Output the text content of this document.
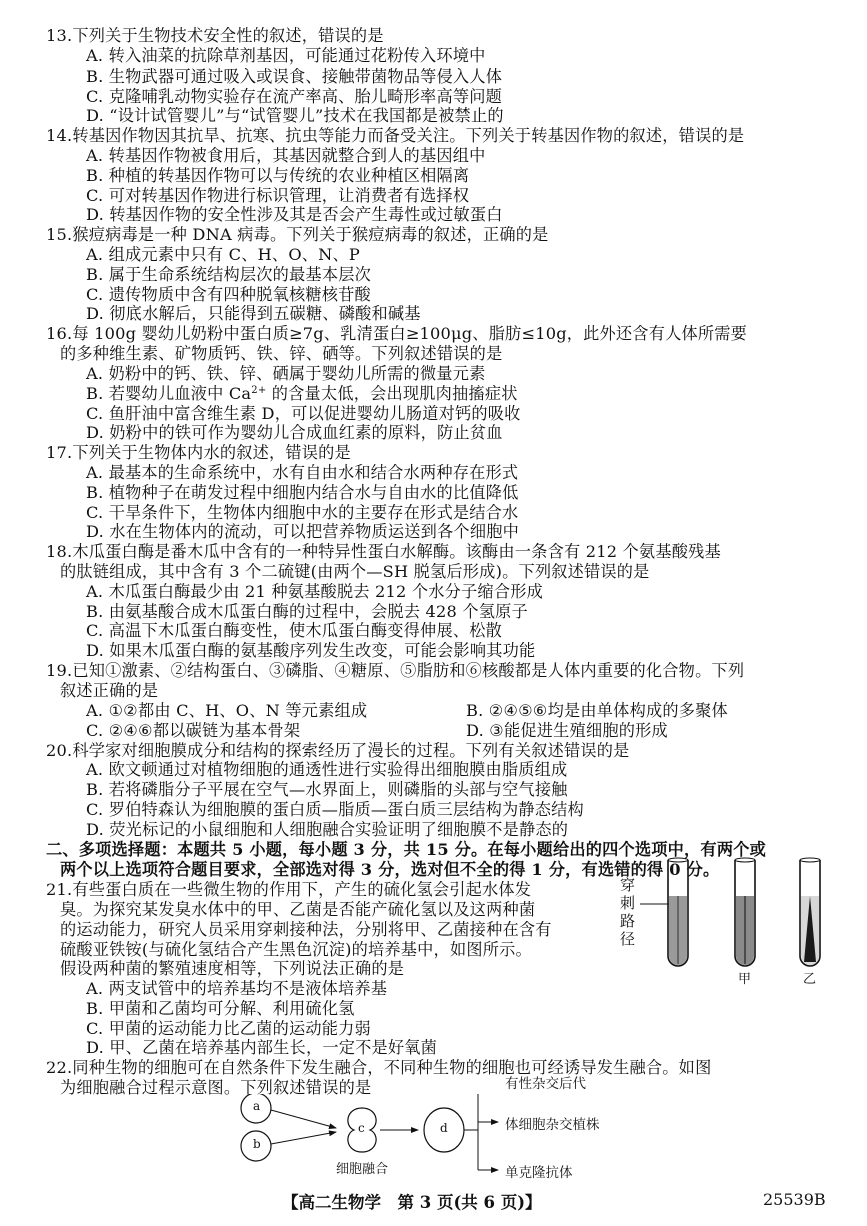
13.下列关于生物技术安全性的叙述，错误的是
A. 转入油菜的抗除草剂基因，可能通过花粉传入环境中
B. 生物武器可通过吸入或误食、接触带菌物品等侵入人体
C. 克隆哺乳动物实验存在流产率高、胎儿畸形率高等问题
D. “设计试管婴儿”与“试管婴儿”技术在我国都是被禁止的
14.转基因作物因其抗旱、抗寒、抗虫等能力而备受关注。下列关于转基因作物的叙述，错误的是
A. 转基因作物被食用后，其基因就整合到人的基因组中
B. 种植的转基因作物可以与传统的农业种植区相隔离
C. 可对转基因作物进行标识管理，让消费者有选择权
D. 转基因作物的安全性涉及其是否会产生毒性或过敏蛋白
15.猴痘病毒是一种 DNA 病毒。下列关于猴痘病毒的叙述，正确的是
A. 组成元素中只有 C、H、O、N、P
B. 属于生命系统结构层次的最基本层次
C. 遗传物质中含有四种脱氧核糖核苷酸
D. 彻底水解后，只能得到五碳糖、磷酸和碱基
16.每 100g 婴幼儿奶粉中蛋白质≥7g、乳清蛋白≥100μg、脂肪≤10g，此外还含有人体所需要
的多种维生素、矿物质钙、铁、锌、硒等。下列叙述错误的是
A. 奶粉中的钙、铁、锌、硒属于婴幼儿所需的微量元素
B. 若婴幼儿血液中 $Ca^{2+}$ 的含量太低，会出现肌肉抽搐症状
C. 鱼肝油中富含维生素 D，可以促进婴幼儿肠道对钙的吸收
D. 奶粉中的铁可作为婴幼儿合成血红素的原料，防止贫血
17.下列关于生物体内水的叙述，错误的是
A. 最基本的生命系统中，水有自由水和结合水两种存在形式
B. 植物种子在萌发过程中细胞内结合水与自由水的比值降低
C. 干旱条件下，生物体内细胞中水的主要存在形式是结合水
D. 水在生物体内的流动，可以把营养物质运送到各个细胞中
18.木瓜蛋白酶是番木瓜中含有的一种特异性蛋白水解酶。该酶由一条含有 212 个氨基酸残基
的肽链组成，其中含有 3 个二硫键(由两个—SH 脱氢后形成)。下列叙述错误的是
A. 木瓜蛋白酶最少由 21 种氨基酸脱去 212 个水分子缩合形成
B. 由氨基酸合成木瓜蛋白酶的过程中，会脱去 428 个氢原子
C. 高温下木瓜蛋白酶变性，使木瓜蛋白酶变得伸展、松散
D. 如果木瓜蛋白酶的氨基酸序列发生改变，可能会影响其功能
19.已知①激素、②结构蛋白、③磷脂、④糖原、⑤脂肪和⑥核酸都是人体内重要的化合物。下列
叙述正确的是
A. ①②都由 C、H、O、N 等元素组成	B. ②④⑤⑥均是由单体构成的多聚体
C. ②④⑥都以碳链为基本骨架	D. ③能促进生殖细胞的形成
20.科学家对细胞膜成分和结构的探索经历了漫长的过程。下列有关叙述错误的是
A. 欧文顿通过对植物细胞的通透性进行实验得出细胞膜由脂质组成
B. 若将磷脂分子平展在空气—水界面上，则磷脂的头部与空气接触
C. 罗伯特森认为细胞膜的蛋白质—脂质—蛋白质三层结构为静态结构
D. 荧光标记的小鼠细胞和人细胞融合实验证明了细胞膜不是静态的
二、多项选择题：本题共 5 小题，每小题 3 分，共 15 分。在每小题给出的四个选项中，有两个或
两个以上选项符合题目要求，全部选对得 3 分，选对但不全的得 1 分，有选错的得 0 分。
21.有些蛋白质在一些微生物的作用下，产生的硫化氢会引起水体发
臭。为探究某发臭水体中的甲、乙菌是否能产硫化氢以及这两种菌
的运动能力，研究人员采用穿刺接种法，分别将甲、乙菌接种在含有
硫酸亚铁铵(与硫化氢结合产生黑色沉淀)的培养基中，如图所示。
假设两种菌的繁殖速度相等，下列说法正确的是
A. 两支试管中的培养基均不是液体培养基
B. 甲菌和乙菌均可分解、利用硫化氢
C. 甲菌的运动能力比乙菌的运动能力弱
D. 甲、乙菌在培养基内部生长，一定不是好氧菌
穿
刺
路
径
甲	乙
22.同种生物的细胞可在自然条件下发生融合，不同种生物的细胞也可经诱导发生融合。如图
为细胞融合过程示意图。下列叙述错误的是
a
b
c	d
细胞融合
有性杂交后代
体细胞杂交植株
单克隆抗体
【高二生物学　第 3 页(共 6 页)】	25539B
